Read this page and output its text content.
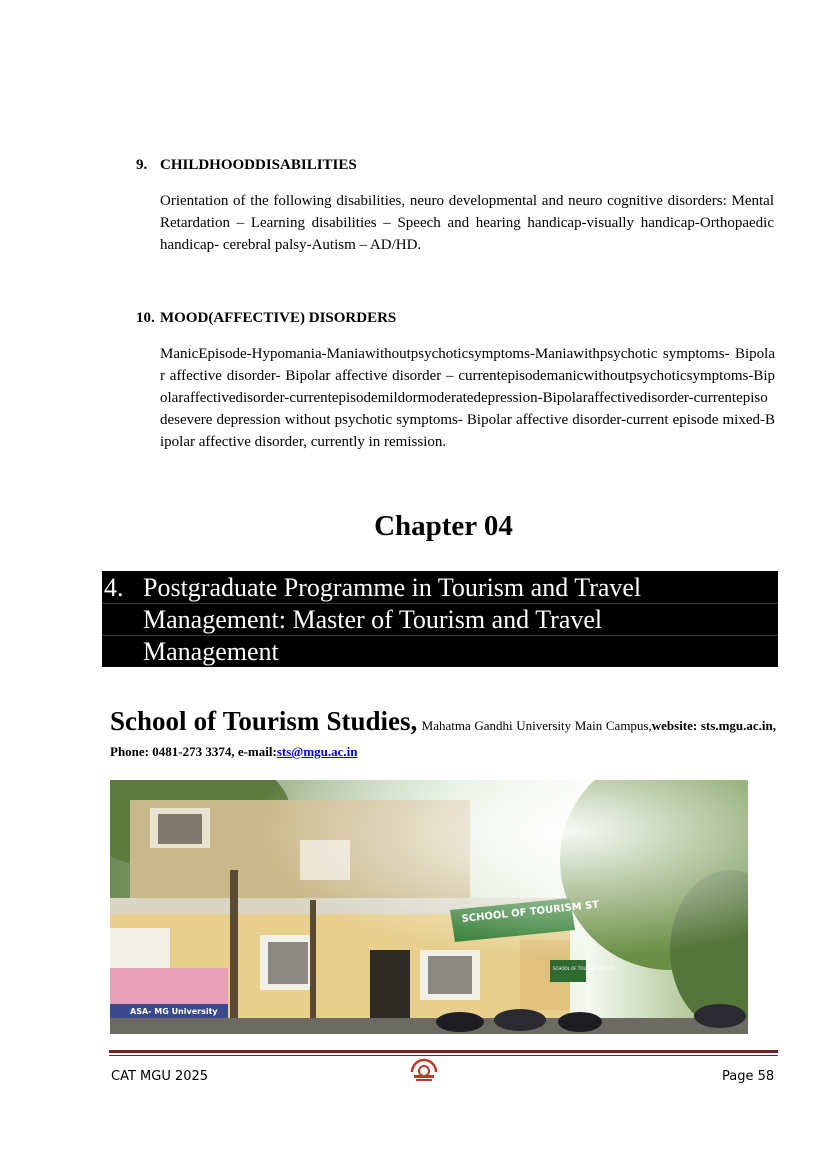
9. CHILDHOODDISABILITIES
Orientation of the following disabilities, neuro developmental and neuro cognitive disorders: Mental Retardation – Learning disabilities – Speech and hearing handicap-visually handicap-Orthopaedic handicap- cerebral palsy-Autism – AD/HD.
10. MOOD(AFFECTIVE) DISORDERS
ManicEpisode-Hypomania-Maniawithoutpsychoticsymptoms-Maniawithpsychotic symptoms- Bipolar affective disorder- Bipolar affective disorder – currentepisodemanicwithoutpsychoticsymptoms-Bipolaraffectivedisorder-currentepisodemildormoderatedepression-Bipolaraffectivedisorder-currentepisodesevere depression without psychotic symptoms- Bipolar affective disorder-current episode mixed-Bipolar affective disorder, currently in remission.
Chapter 04
4. Postgraduate Programme in Tourism and Travel
Management: Master of Tourism and Travel
Management
School of Tourism Studies, Mahatma Gandhi University Main Campus,website: sts.mgu.ac.in, Phone: 0481-273 3374, e-mail:sts@mgu.ac.in
CAT MGU 2025	Page 58
